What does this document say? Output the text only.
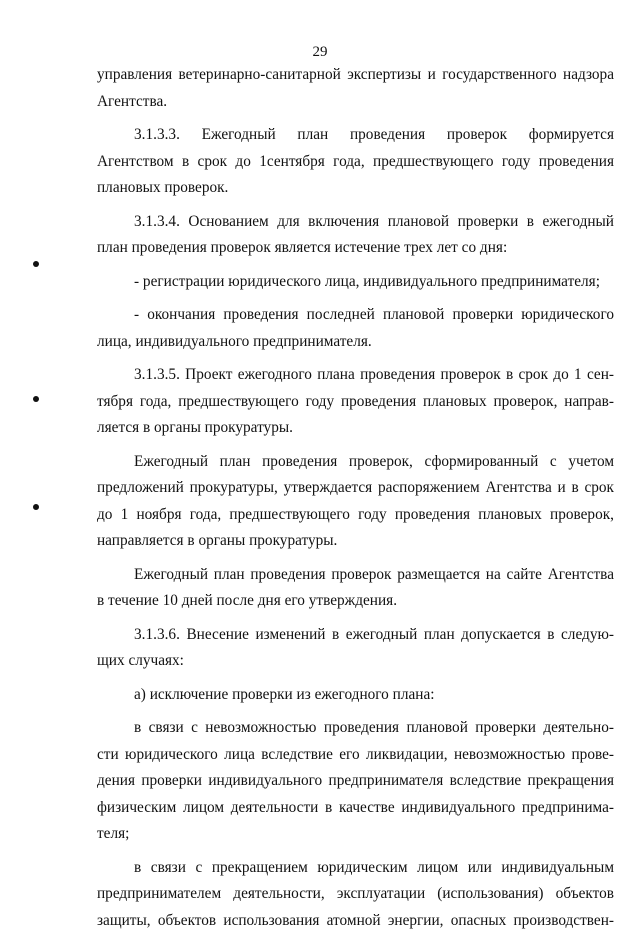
29
управления ветеринарно-санитарной экспертизы и государственного надзора
Агентства.
3.1.3.3. Ежегодный план проведения проверок формируется
Агентством в срок до 1сентября года, предшествующего году проведения
плановых проверок.
3.1.3.4. Основанием для включения плановой проверки в ежегодный
план проведения проверок является истечение трех лет со дня:
- регистрации юридического лица, индивидуального предпринимателя;
- окончания проведения последней плановой проверки юридического
лица, индивидуального предпринимателя.
3.1.3.5. Проект ежегодного плана проведения проверок в срок до 1 сен-
тября года, предшествующего году проведения плановых проверок, направ-
ляется в органы прокуратуры.
Ежегодный план проведения проверок, сформированный с учетом
предложений прокуратуры, утверждается распоряжением Агентства и в срок
до 1 ноября года, предшествующего году проведения плановых проверок,
направляется в органы прокуратуры.
Ежегодный план проведения проверок размещается на сайте Агентства
в течение 10 дней после дня его утверждения.
3.1.3.6. Внесение изменений в ежегодный план допускается в следую-
щих случаях:
а) исключение проверки из ежегодного плана:
в связи с невозможностью проведения плановой проверки деятельно-
сти юридического лица вследствие его ликвидации, невозможностью прове-
дения проверки индивидуального предпринимателя вследствие прекращения
физическим лицом деятельности в качестве индивидуального предпринима-
теля;
в связи с прекращением юридическим лицом или индивидуальным
предпринимателем деятельности, эксплуатации (использования) объектов
защиты, объектов использования атомной энергии, опасных производствен-
